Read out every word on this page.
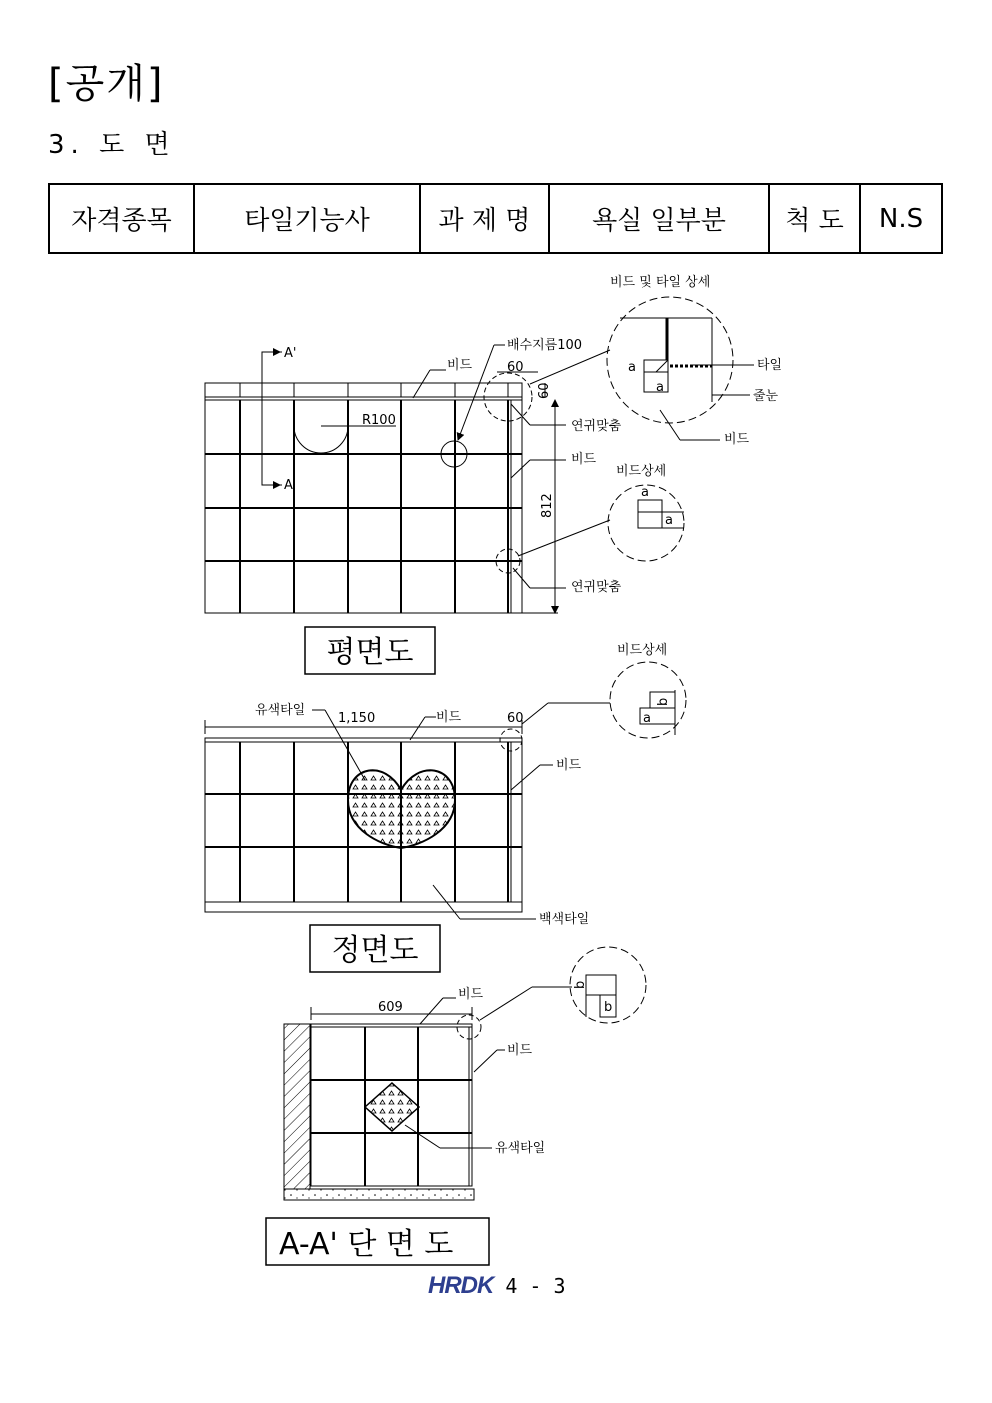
[공개]
3. 도 면
자격종목	타일기능사	과 제 명	욕실 일부분	척 도	N.S
A'
A
비드
배수지름100
60
60
R100	연귀맞춤
비드
812
연귀맞춤
비드 및 타일 상세
타일
줄눈
비드
a
a
비드상세
a
a
평면도
유색타일
1,150	비드	60
비드
백색타일
비드상세
a
b
정면도
609
비드
비드
유색타일
b
b
A-A' 단 면 도
HRDK 4 - 3
